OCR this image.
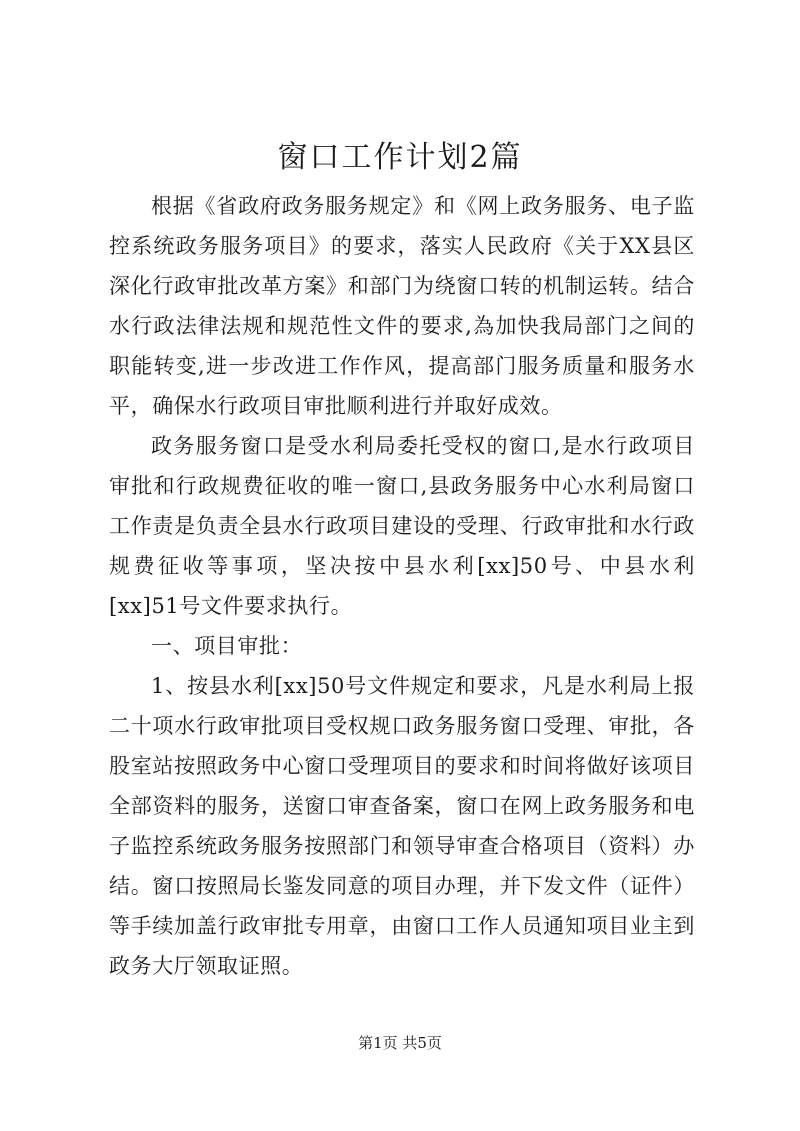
窗口工作计划2篇

根据《省政府政务服务规定》和《网上政务服务、电子监控系统政务服务项目》的要求，落实人民政府《关于XX县区深化行政审批改革方案》和部门为绕窗口转的机制运转。结合水行政法律法规和规范性文件的要求,為加快我局部门之间的职能转变,进一步改进工作作风，提高部门服务质量和服务水平，确保水行政项目审批顺利进行并取好成效。

政务服务窗口是受水利局委托受权的窗口,是水行政项目审批和行政规费征收的唯一窗口,县政务服务中心水利局窗口工作责是负责全县水行政项目建设的受理、行政审批和水行政规费征收等事项，坚决按中县水利[xx]50号、中县水利[xx]51号文件要求执行。

一、项目审批：

1、按县水利[xx]50号文件规定和要求，凡是水利局上报二十项水行政审批项目受权规口政务服务窗口受理、审批，各股室站按照政务中心窗口受理项目的要求和时间将做好该项目全部资料的服务，送窗口审查备案，窗口在网上政务服务和电子监控系统政务服务按照部门和领导审查合格项目（资料）办结。窗口按照局长鉴发同意的项目办理，并下发文件（证件）等手续加盖行政审批专用章，由窗口工作人员通知项目业主到政务大厅领取证照。

第1页 共5页
